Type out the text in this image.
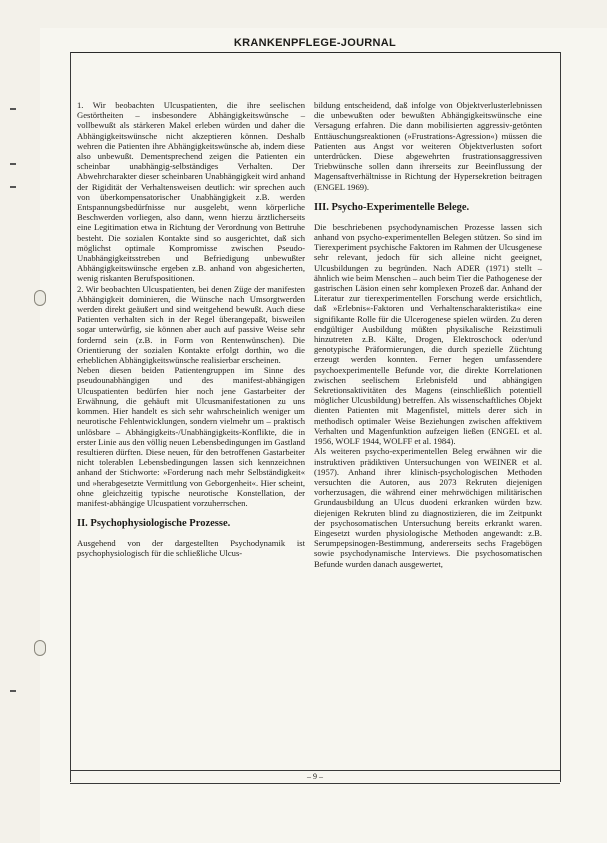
KRANKENPFLEGE-JOURNAL

1. Wir beobachten Ulcuspatienten, die ihre seelischen Gestörtheiten – insbesondere Abhängigkeitswünsche – vollbewußt als stärkeren Makel erleben würden und daher die Abhängigkeitswünsche nicht akzeptieren können. Deshalb wehren die Patienten ihre Abhängigkeitswünsche ab, indem diese also unbewußt. Dementsprechend zeigen die Patienten ein scheinbar unabhängig-selbständiges Verhalten. Der Abwehrcharakter dieser scheinbaren Unabhängigkeit wird anhand der Rigidität der Verhaltensweisen deutlich: wir sprechen auch von überkompensatorischer Unabhängigkeit z.B. werden Entspannungsbedürfnisse nur ausgelebt, wenn körperliche Beschwerden vorliegen, also dann, wenn hierzu ärztlicherseits eine Legitimation etwa in Richtung der Verordnung von Bettruhe besteht. Die sozialen Kontakte sind so ausgerichtet, daß sich möglichst optimale Kompromisse zwischen Pseudo-Unabhängigkeitsstreben und Befriedigung unbewußter Abhängigkeitswünsche ergeben z.B. anhand von abgesicherten, wenig riskanten Berufspositionen.

2. Wir beobachten Ulcuspatienten, bei denen Züge der manifesten Abhängigkeit dominieren, die Wünsche nach Umsorgtwerden werden direkt geäußert und sind weitgehend bewußt. Auch diese Patienten verhalten sich in der Regel überangepaßt, bisweilen sogar unterwürfig, sie können aber auch auf passive Weise sehr fordernd sein (z.B. in Form von Rentenwünschen). Die Orientierung der sozialen Kontakte erfolgt dorthin, wo die erheblichen Abhängigkeitswünsche realisierbar erscheinen.

Neben diesen beiden Patientengruppen im Sinne des pseudounabhängigen und des manifest-abhängigen Ulcuspatienten bedürfen hier noch jene Gastarbeiter der Erwähnung, die gehäuft mit Ulcusmanifestationen zu uns kommen. Hier handelt es sich sehr wahrscheinlich weniger um neurotische Fehlentwicklungen, sondern vielmehr um – praktisch unlösbare – Abhängigkeits-/Unabhängigkeits-Konflikte, die in erster Linie aus den völlig neuen Lebensbedingungen im Gastland resultieren dürften. Diese neuen, für den betroffenen Gastarbeiter nicht tolerablen Lebensbedingungen lassen sich kennzeichnen anhand der Stichworte: »Forderung nach mehr Selbständigkeit« und »herabgesetzte Vermittlung von Geborgenheit«. Hier scheint, ohne gleichzeitig typische neurotische Konstellation, der manifest-abhängige Ulcuspatient vorzuherrschen.

II. Psychophysiologische Prozesse.

Ausgehend von der dargestellten Psychodynamik ist psychophysiologisch für die schließliche Ulcus-

bildung entscheidend, daß infolge von Objektverlusterlebnissen die unbewußten oder bewußten Abhängigkeitswünsche eine Versagung erfahren. Die dann mobilisierten aggressiv-getönten Enttäuschungsreaktionen (»Frustrations-Agression«) müssen die Patienten aus Angst vor weiteren Objektverlusten sofort unterdrücken. Diese abgewehrten frustrationsaggressiven Triebwünsche sollen dann ihrerseits zur Beeinflussung der Magensaftverhältnisse in Richtung der Hypersekretion beitragen (ENGEL 1969).

III. Psycho-Experimentelle Belege.

Die beschriebenen psychodynamischen Prozesse lassen sich anhand von psycho-experimentellen Belegen stützen. So sind im Tierexperiment psychische Faktoren im Rahmen der Ulcusgenese sehr relevant, jedoch für sich alleine nicht geeignet, Ulcusbildungen zu begründen. Nach ADER (1971) stellt – ähnlich wie beim Menschen – auch beim Tier die Pathogenese der gastrischen Läsion einen sehr komplexen Prozeß dar. Anhand der Literatur zur tierexperimentellen Forschung werde ersichtlich, daß »Erlebnis«-Faktoren und Verhaltenscharakteristika« eine signifikante Rolle für die Ulcerogenese spielen würden. Zu deren endgültiger Ausbildung müßten physikalische Reizstimuli hinzutreten z.B. Kälte, Drogen, Elektroschock oder/und genotypische Präformierungen, die durch spezielle Züchtung erzeugt werden konnten. Ferner hegen umfassendere psychoexperimentelle Befunde vor, die direkte Korrelationen zwischen seelischem Erlebnisfeld und abhängigen Sekretionsaktivitäten des Magens (einschließlich potentiell möglicher Ulcusbildung) betreffen. Als wissenschaftliches Objekt dienten Patienten mit Magenfistel, mittels derer sich in methodisch optimaler Weise Beziehungen zwischen affektivem Verhalten und Magenfunktion aufzeigen ließen (ENGEL et al. 1956, WOLF 1944, WOLFF et al. 1984).

Als weiteren psycho-experimentellen Beleg erwähnen wir die instruktiven prädiktiven Untersuchungen von WEINER et al. (1957). Anhand ihrer klinisch-psychologischen Methoden versuchten die Autoren, aus 2073 Rekruten diejenigen vorherzusagen, die während einer mehrwöchigen militärischen Grundausbildung an Ulcus duodeni erkranken würden bzw. diejenigen Rekruten blind zu diagnostizieren, die im Zeitpunkt der psychosomatischen Untersuchung bereits erkrankt waren. Eingesetzt wurden physiologische Methoden angewandt: z.B. Serumpepsinogen-Bestimmung, andererseits sechs Fragebögen sowie psychodynamische Interviews. Die psychosomatischen Befunde wurden danach ausgewertet,

– 9 –
